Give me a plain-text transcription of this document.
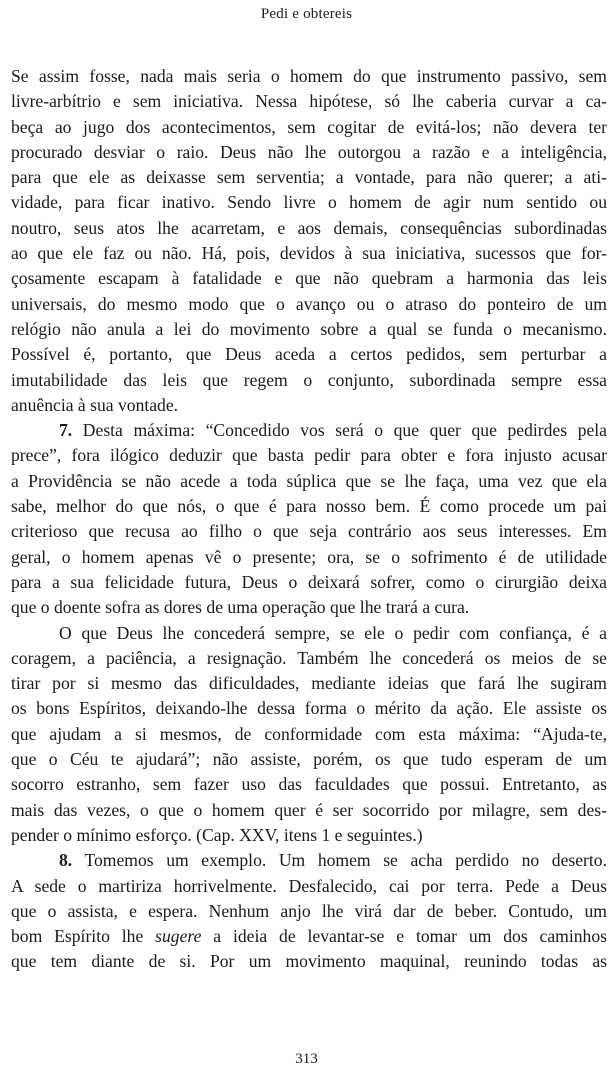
Pedi e obtereis

Se assim fosse, nada mais seria o homem do que instrumento passivo, sem

livre-arbítrio e sem iniciativa. Nessa hipótese, só lhe caberia curvar a ca-

beça ao jugo dos acontecimentos, sem cogitar de evitá-los; não devera ter

procurado desviar o raio. Deus não lhe outorgou a razão e a inteligência,

para que ele as deixasse sem serventia; a vontade, para não querer; a ati-

vidade, para ficar inativo. Sendo livre o homem de agir num sentido ou

noutro, seus atos lhe acarretam, e aos demais, consequências subordinadas

ao que ele faz ou não. Há, pois, devidos à sua iniciativa, sucessos que for-

çosamente escapam à fatalidade e que não quebram a harmonia das leis

universais, do mesmo modo que o avanço ou o atraso do ponteiro de um

relógio não anula a lei do movimento sobre a qual se funda o mecanismo.

Possível é, portanto, que Deus aceda a certos pedidos, sem perturbar a

imutabilidade das leis que regem o conjunto, subordinada sempre essa

anuência à sua vontade.

7. Desta máxima: “Concedido vos será o que quer que pedirdes pela

prece”, fora ilógico deduzir que basta pedir para obter e fora injusto acusar

a Providência se não acede a toda súplica que se lhe faça, uma vez que ela

sabe, melhor do que nós, o que é para nosso bem. É como procede um pai

criterioso que recusa ao filho o que seja contrário aos seus interesses. Em

geral, o homem apenas vê o presente; ora, se o sofrimento é de utilidade

para a sua felicidade futura, Deus o deixará sofrer, como o cirurgião deixa

que o doente sofra as dores de uma operação que lhe trará a cura.

O que Deus lhe concederá sempre, se ele o pedir com confiança, é a

coragem, a paciência, a resignação. Também lhe concederá os meios de se

tirar por si mesmo das dificuldades, mediante ideias que fará lhe sugiram

os bons Espíritos, deixando-lhe dessa forma o mérito da ação. Ele assiste os

que ajudam a si mesmos, de conformidade com esta máxima: “Ajuda-te,

que o Céu te ajudará”; não assiste, porém, os que tudo esperam de um

socorro estranho, sem fazer uso das faculdades que possui. Entretanto, as

mais das vezes, o que o homem quer é ser socorrido por milagre, sem des-

pender o mínimo esforço. (Cap. XXV, itens 1 e seguintes.)

8. Tomemos um exemplo. Um homem se acha perdido no deserto.

A sede o martiriza horrivelmente. Desfalecido, cai por terra. Pede a Deus

que o assista, e espera. Nenhum anjo lhe virá dar de beber. Contudo, um

bom Espírito lhe sugere a ideia de levantar-se e tomar um dos caminhos

que tem diante de si. Por um movimento maquinal, reunindo todas as

313
